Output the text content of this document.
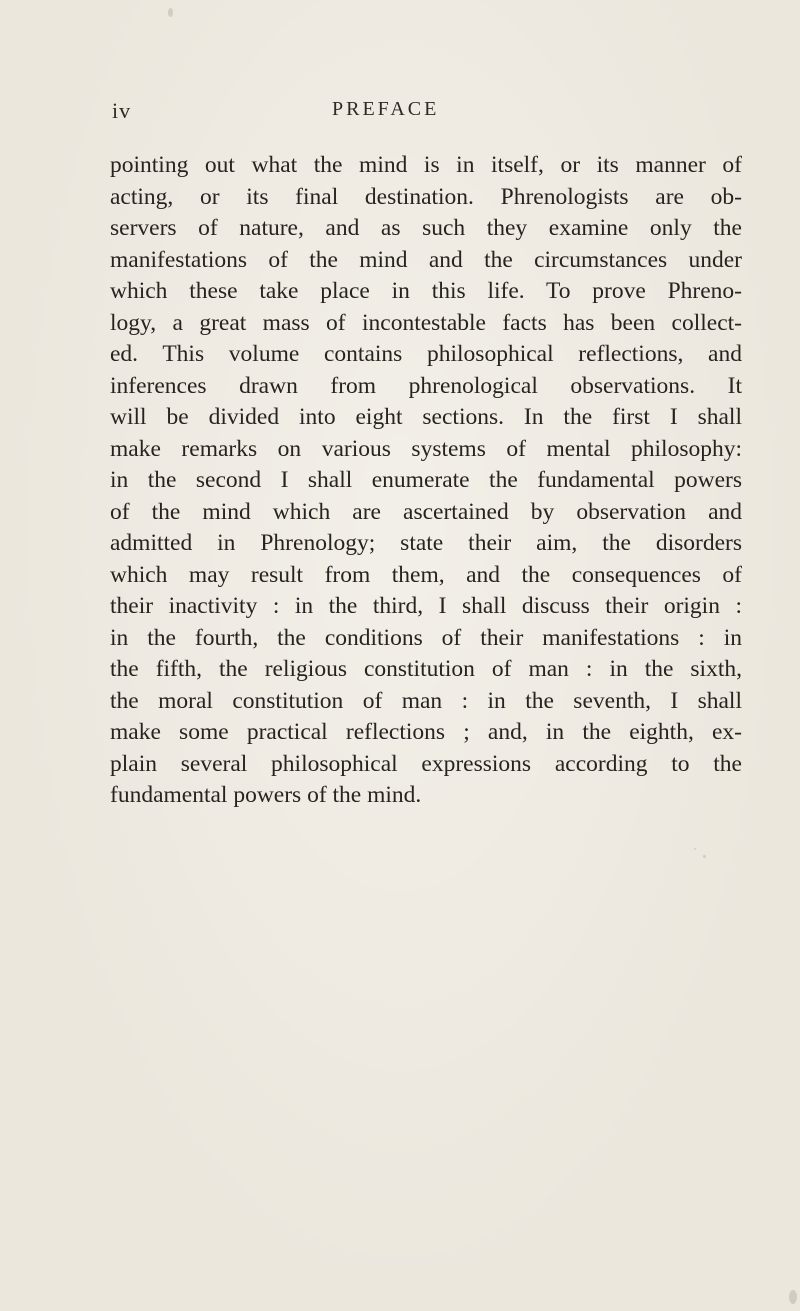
iv	PREFACE
pointing out what the mind is in itself, or its manner of
acting, or its final destination. Phrenologists are ob-
servers of nature, and as such they examine only the
manifestations of the mind and the circumstances under
which these take place in this life. To prove Phreno-
logy, a great mass of incontestable facts has been collect-
ed. This volume contains philosophical reflections, and
inferences drawn from phrenological observations. It
will be divided into eight sections. In the first I shall
make remarks on various systems of mental philosophy:
in the second I shall enumerate the fundamental powers
of the mind which are ascertained by observation and
admitted in Phrenology; state their aim, the disorders
which may result from them, and the consequences of
their inactivity : in the third, I shall discuss their origin :
in the fourth, the conditions of their manifestations : in
the fifth, the religious constitution of man : in the sixth,
the moral constitution of man : in the seventh, I shall
make some practical reflections ; and, in the eighth, ex-
plain several philosophical expressions according to the
fundamental powers of the mind.
